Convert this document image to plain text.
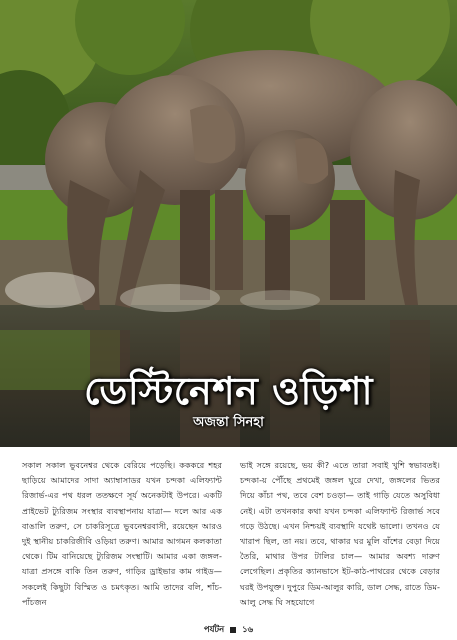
ডেস্টিনেশন ওড়িশা
অজন্তা সিনহা

সকাল সকাল ভুবনেশ্বর থেকে বেরিয়ে পড়েছি। কককরে শহর ছাড়িয়ে আমাদের সাদা অ্যাম্বাসাডর যখন চন্দকা এলিফ্যান্ট রিজার্ভ-এর পথ ধরল ততক্ষণে সূর্য অনেকটাই উপরে। একটি প্রাইভেট ট্যুরিজম সংস্থার ব্যবস্থাপনায় যাত্রা— দলে আর এক বাঙালি তরুণ, সে চাকরিসূত্রে ভুবনেশ্বরবাসী, রয়েছেন আরও দুই স্থানীয় চাকরিজীবি ওড়িয়া তরুণ। আমার আগমন কলকাতা থেকে। টিম বানিয়েছে ট্যুরিজম সংস্থাটি। আমার একা জঙ্গল-যাত্রা প্রসঙ্গে বাকি তিন তরুণ, গাড়ির ড্রাইভার কাম গাইড— সকলেই কিছুটা বিস্মিত ও চমৎকৃত। আমি তাদের বলি, শাঁচ-পাঁচজন

ভাই সঙ্গে রয়েছে, ভয় কী? এতে তারা সবাই খুশি স্বভাবতই। চন্দকা-য় পৌঁছে প্রথমেই জঙ্গল ঘুরে দেখা, জঙ্গলের ভিতর দিয়ে কাঁচা পথ, তবে বেশ চওড়া— তাই গাড়ি যেতে অসুবিধা নেই। এটা তখনকার কথা যখন চন্দকা এলিফ্যান্ট রিজার্ভ সবে গড়ে উঠছে। এখন নিশ্চয়ই ব্যবস্থাদি যথেষ্ট ভালো। তখনও যে খারাপ ছিল, তা নয়। তবে, থাকার ঘর মুলি বাঁশের বেড়া দিয়ে তৈরি, মাথার উপর টালির চাল— আমার অবশ্য দারুণ লেগেছিল। প্রকৃতির ক্যানভাসে ইট-কাঠ-পাথরের থেকে বেড়ার ঘরই উপযুক্ত। দুপুরে ডিম-আলুর কারি, ডাল সেদ্ধ, রাতে ডিম-আলু সেদ্ধ ঘি সহযোগে

পর্যটন ১৬
